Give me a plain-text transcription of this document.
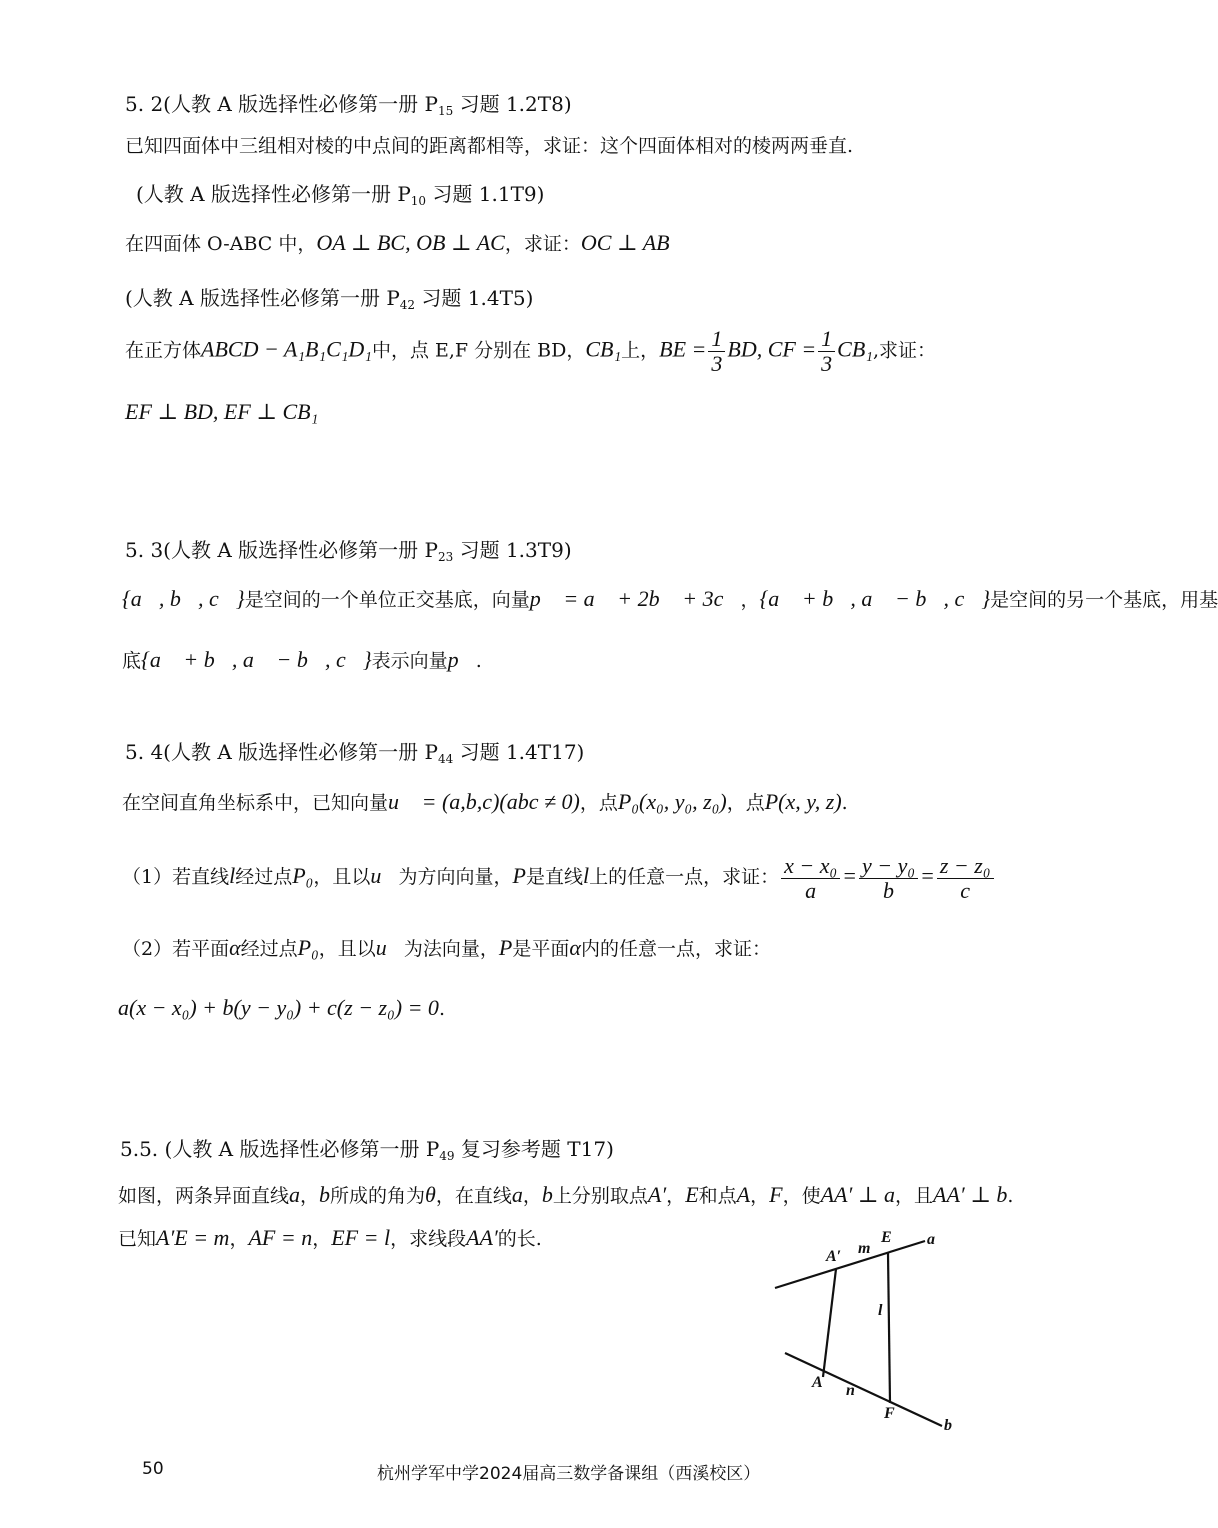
5. 2(人教 A 版选择性必修第一册 $P_{15}$ 习题 1.2T8)
已知四面体中三组相对棱的中点间的距离都相等，求证：这个四面体相对的棱两两垂直.
(人教 A 版选择性必修第一册 $P_{10}$ 习题 1.1T9)
在四面体 O-ABC 中，OA ⊥ BC, OB ⊥ AC，求证：OC ⊥ AB
(人教 A 版选择性必修第一册 $P_{42}$ 习题 1.4T5)
在正方体ABCD − A₁B₁C₁D₁中，点 E,F 分别在 BD，CB₁上，BE = $\frac{1}{3}$ BD, CF = $\frac{1}{3} CB_1$,求证：
EF ⊥ BD, EF ⊥ CB₁
5. 3(人教 A 版选择性必修第一册 $P_{23}$ 习题 1.3T9)
{a⃗, b⃗, c⃗}是空间的一个单位正交基底，向量p⃗ = a⃗ + 2b⃗ + 3c⃗，{a⃗ + b⃗, a⃗ − b⃗, c⃗}是空间的另一个基底，用基
底{a⃗ + b⃗, a⃗ − b⃗, c⃗}表示向量p⃗.
5. 4(人教 A 版选择性必修第一册 $P_{44}$ 习题 1.4T17)
在空间直角坐标系中，已知向量u⃗ = (a,b,c)(abc ≠ 0)，点P₀(x₀, y₀, z₀)，点P(x, y, z).
（1）若直线l经过点P₀，且以u⃗为方向向量，P是直线l上的任意一点，求证： $\frac{\text{x − x₀}}{a} = \frac{\text{y − y₀}}{b} = \frac{\text{z − z₀}}{c}$
（2）若平面α经过点P₀，且以u⃗为法向量，P是平面α内的任意一点，求证：
a(x − x₀) + b(y − y₀) + c(z − z₀) = 0.
5.5. (人教 A 版选择性必修第一册 $P_{49}$ 复习参考题 T17)
如图，两条异面直线a，b所成的角为θ，在直线a，b上分别取点A′，E和点A，F，使AA′ ⊥ a，且AA′ ⊥ b.
已知A′E = m，AF = n，EF = l，求线段AA′的长.
A′ m
E a
l
A n
F
b
50	杭州学军中学2024届高三数学备课组（西溪校区）
